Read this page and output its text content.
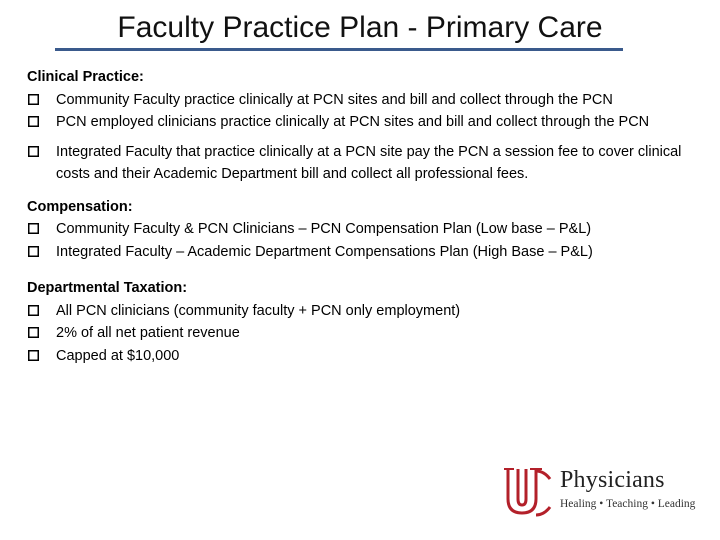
Faculty Practice Plan - Primary Care
Clinical Practice:
Community Faculty practice clinically at PCN sites and bill and collect through the PCN
PCN employed clinicians practice clinically at PCN sites and bill and collect through the PCN
Integrated Faculty that practice clinically at a PCN site pay the PCN a session fee to cover clinical costs and their Academic Department bill and collect all professional fees.
Compensation:
Community Faculty & PCN Clinicians – PCN Compensation Plan (Low base – P&L)
Integrated Faculty – Academic Department Compensations Plan (High Base – P&L)
Departmental Taxation:
All PCN clinicians (community faculty + PCN only employment)
2% of all net patient revenue
Capped at $10,000
Physicians
Healing • Teaching • Leading
